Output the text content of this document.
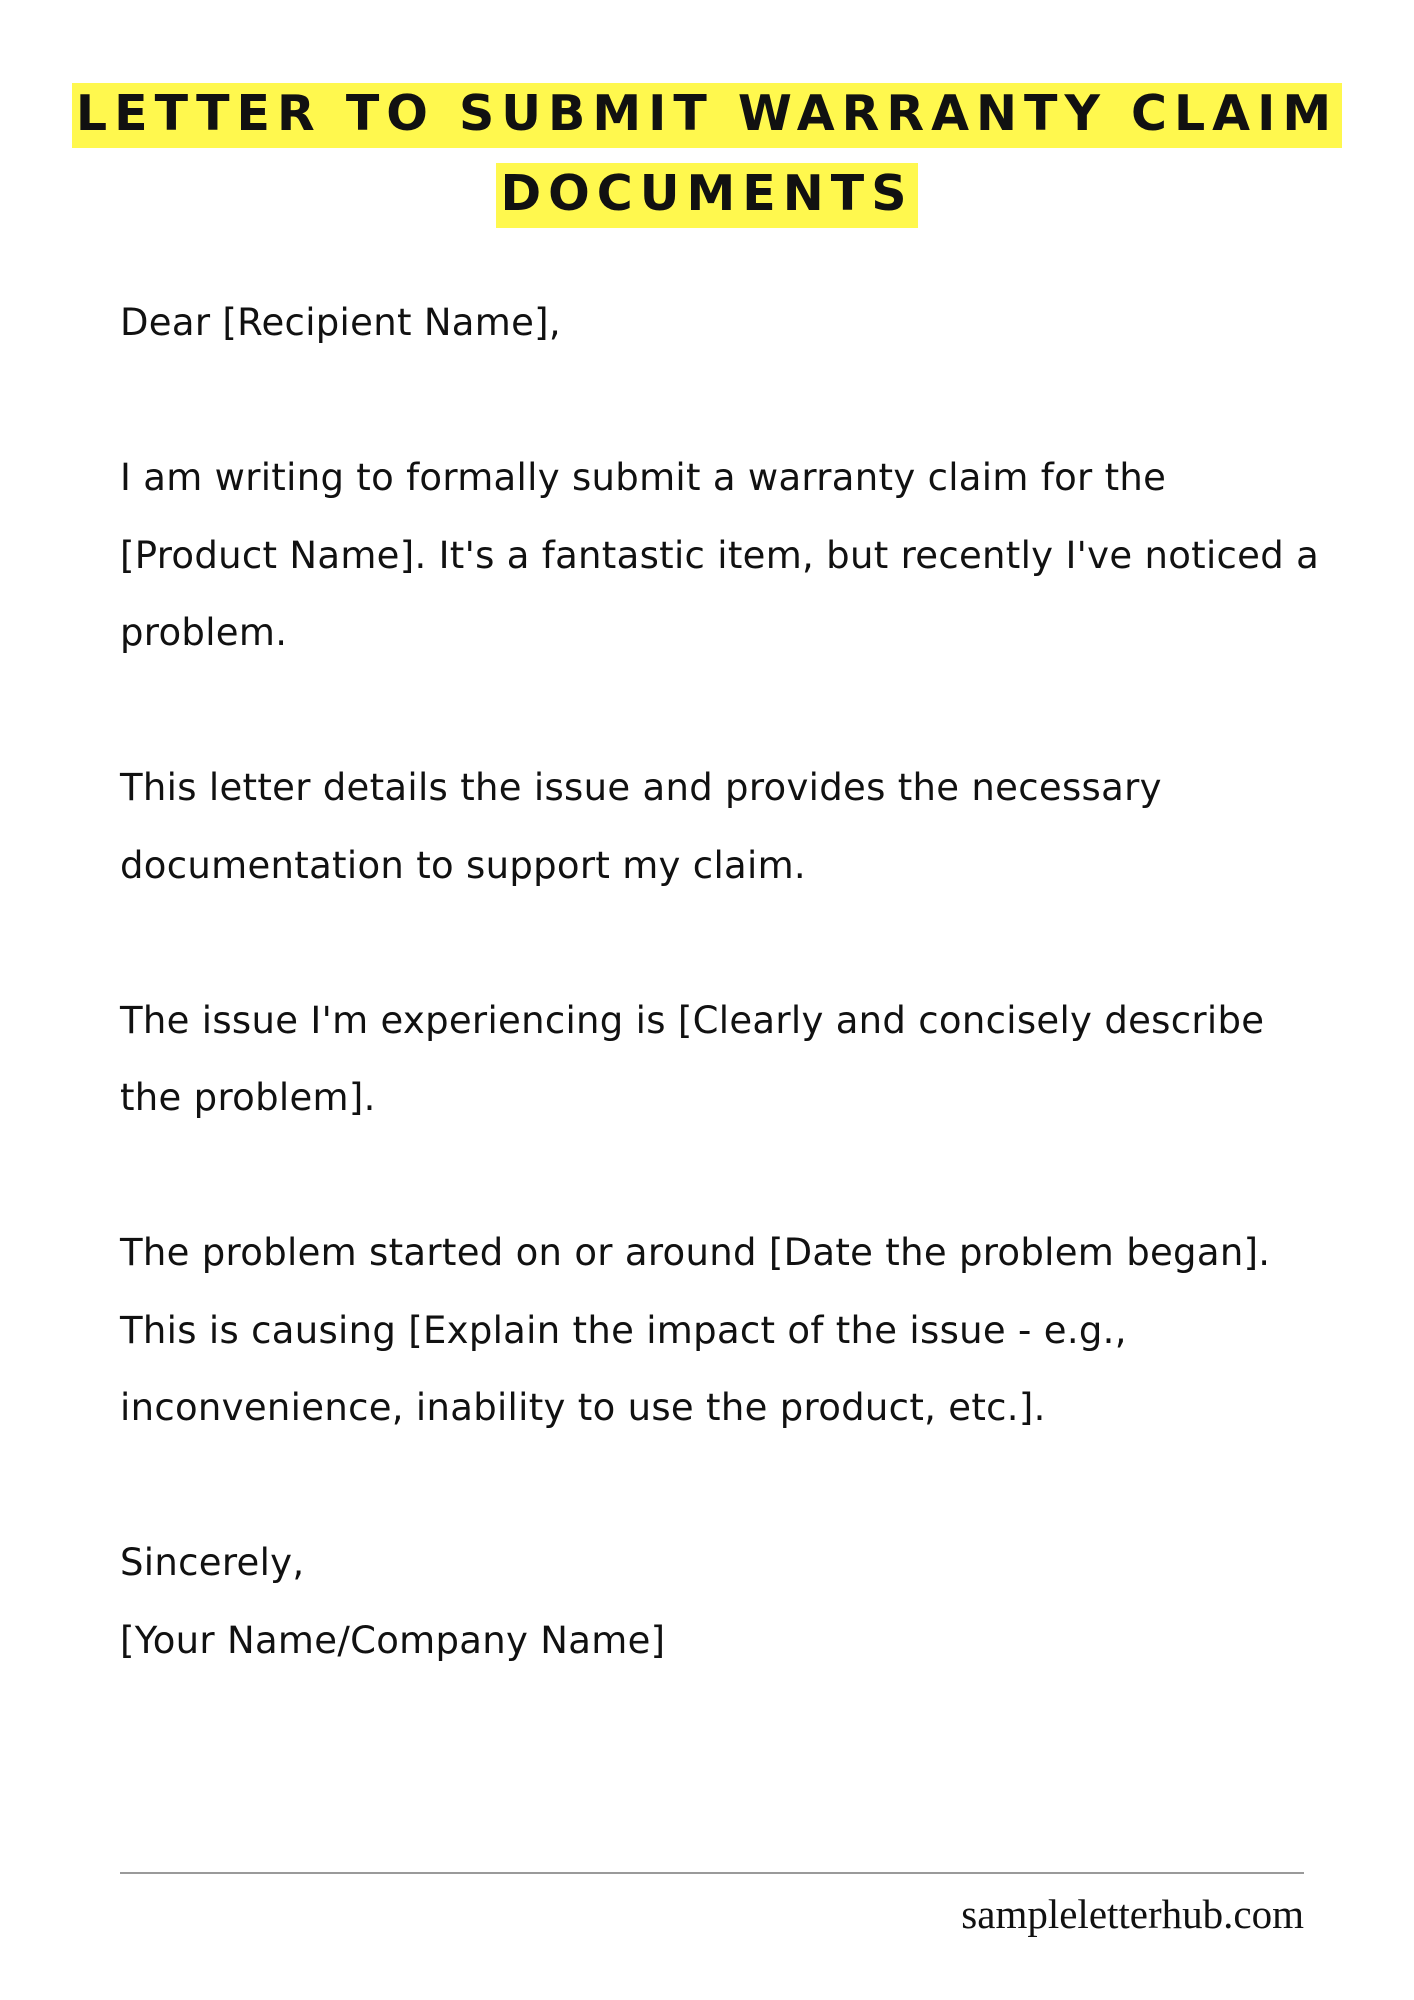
LETTER TO SUBMIT WARRANTY CLAIM
DOCUMENTS

Dear [Recipient Name],

I am writing to formally submit a warranty claim for the [Product Name]. It's a fantastic item, but recently I've noticed a problem.

This letter details the issue and provides the necessary documentation to support my claim.

The issue I'm experiencing is [Clearly and concisely describe the problem].

The problem started on or around [Date the problem began]. This is causing [Explain the impact of the issue - e.g., inconvenience, inability to use the product, etc.].

Sincerely,
[Your Name/Company Name]
sampleletterhub.com
